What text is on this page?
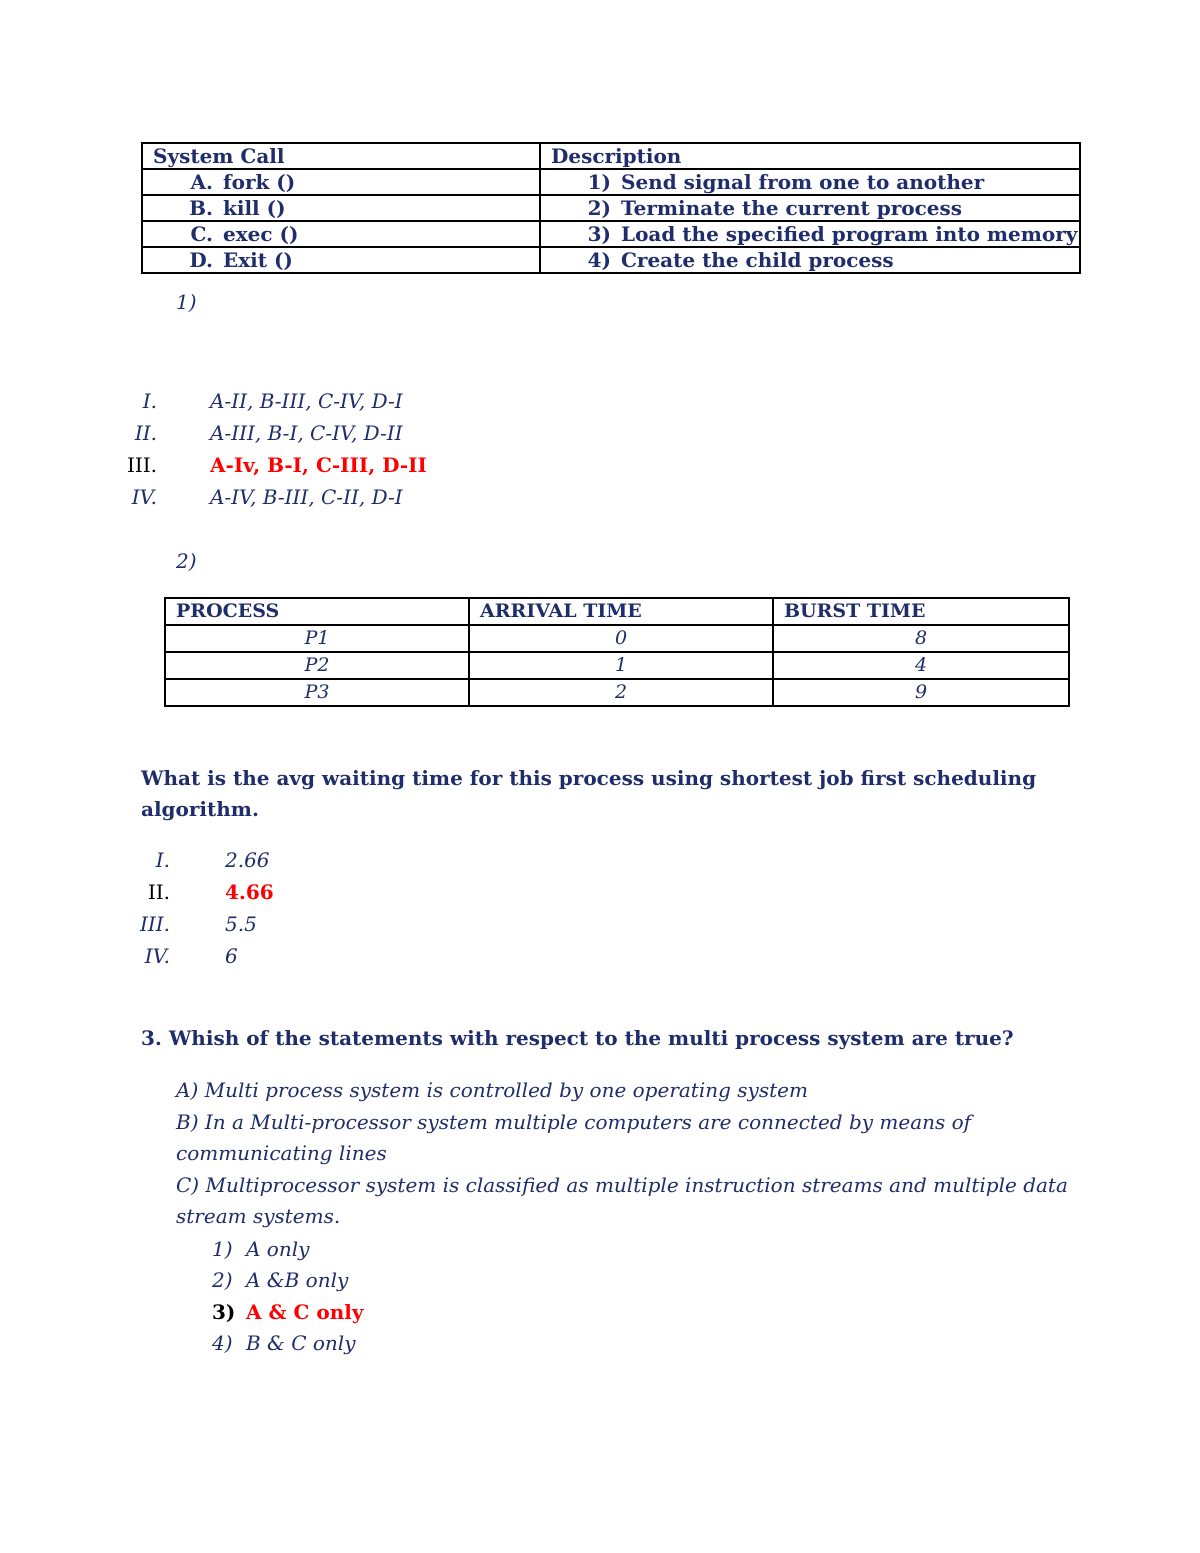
System Call	Description
A. fork ()	1) Send signal from one to another
B. kill ()	2) Terminate the current process
C. exec ()	3) Load the specified program into memory
D. Exit ()	4) Create the child process
1)
I.	A-II, B-III, C-IV, D-I
II.	A-III, B-I, C-IV, D-II
III.	A-Iv, B-I, C-III, D-II
IV.	A-IV, B-III, C-II, D-I
2)
PROCESS	ARRIVAL TIME	BURST TIME
P1	0	8
P2	1	4
P3	2	9
What is the avg waiting time for this process using shortest job first scheduling
algorithm.
I.	2.66
II.	4.66
III.	5.5
IV.	6
3. Whish of the statements with respect to the multi process system are true?
A) Multi process system is controlled by one operating system
B) In a Multi-processor system multiple computers are connected by means of
communicating lines
C) Multiprocessor system is classified as multiple instruction streams and multiple data
stream systems.
1) A only
2) A &B only
3) A & C only
4) B & C only
